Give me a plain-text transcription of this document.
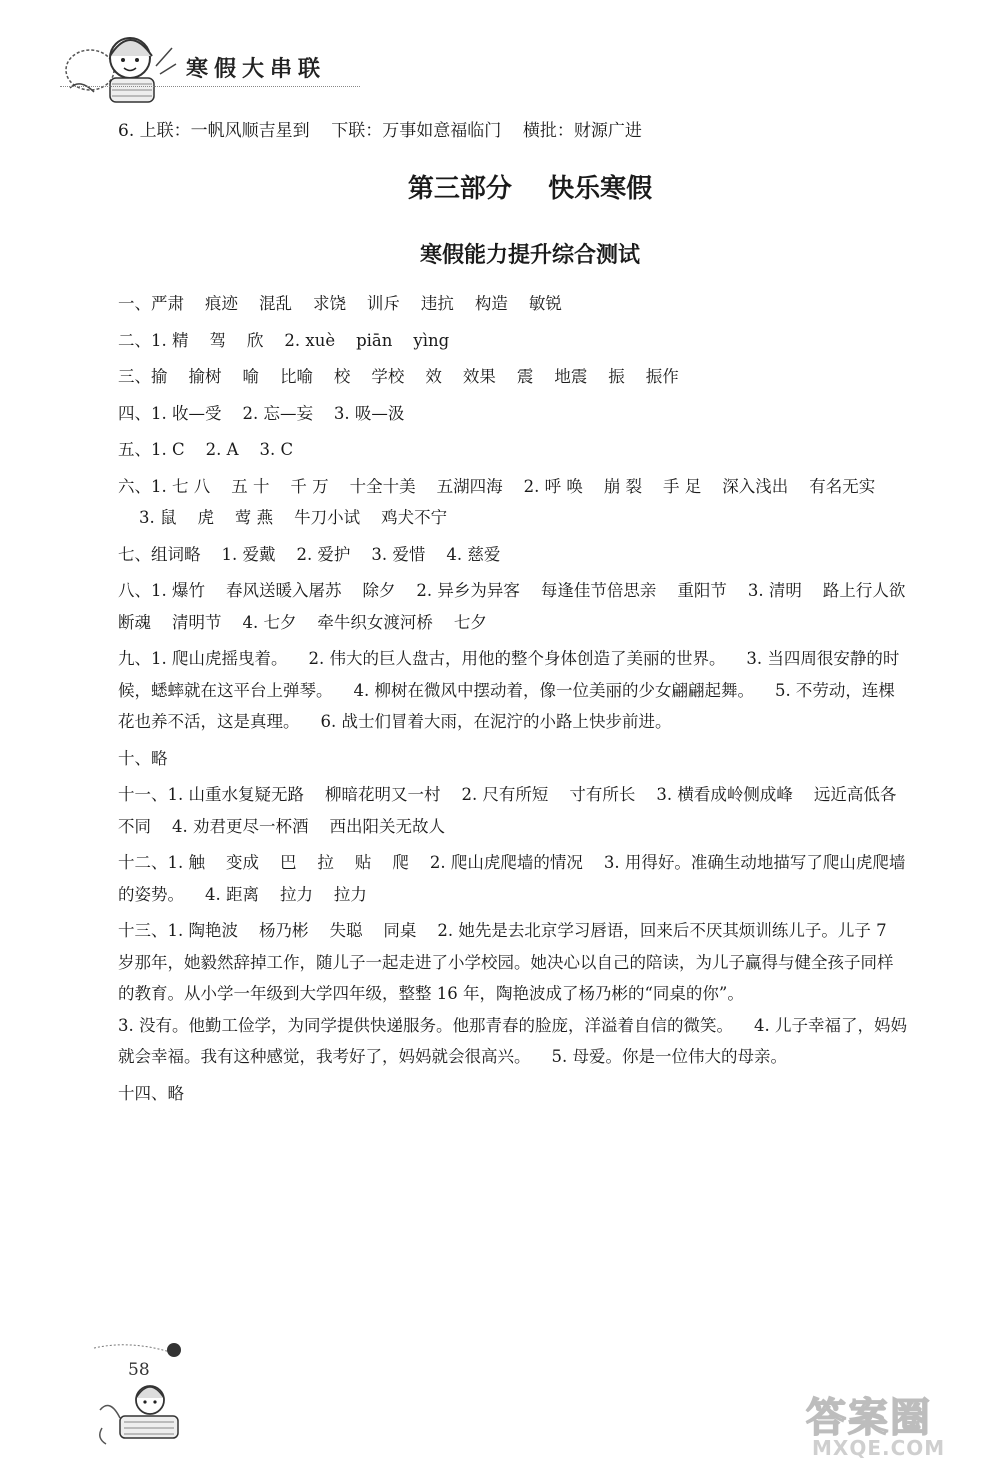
寒假大串联
6. 上联：一帆风顺吉星到    下联：万事如意福临门    横批：财源广进
第三部分    快乐寒假
寒假能力提升综合测试

一、严肃    痕迹    混乱    求饶    训斥    违抗    构造    敏锐

二、1. 精    驾    欣    2. xuè    piān    yìng

三、揄    揄树    喻    比喻    校    学校    效    效果    震    地震    振    振作

四、1. 收—受    2. 忘—妄    3. 吸—汲

五、1. C    2. A    3. C

六、1. 七 八    五 十    千 万    十全十美    五湖四海    2. 呼 唤    崩 裂    手 足    深入浅出    有名无实
3. 鼠    虎    莺 燕    牛刀小试    鸡犬不宁

七、组词略    1. 爱戴    2. 爱护    3. 爱惜    4. 慈爱

八、1. 爆竹    春风送暖入屠苏    除夕    2. 异乡为异客    每逢佳节倍思亲    重阳节    3. 清明    路上行人欲断魂    清明节    4. 七夕    牵牛织女渡河桥    七夕

九、1. 爬山虎摇曳着。    2. 伟大的巨人盘古，用他的整个身体创造了美丽的世界。    3. 当四周很安静的时候，蟋蟀就在这平台上弹琴。    4. 柳树在微风中摆动着，像一位美丽的少女翩翩起舞。    5. 不劳动，连棵花也养不活，这是真理。    6. 战士们冒着大雨，在泥泞的小路上快步前进。

十、略

十一、1. 山重水复疑无路    柳暗花明又一村    2. 尺有所短    寸有所长    3. 横看成岭侧成峰    远近高低各不同    4. 劝君更尽一杯酒    西出阳关无故人

十二、1. 触    变成    巴    拉    贴    爬    2. 爬山虎爬墙的情况    3. 用得好。准确生动地描写了爬山虎爬墙的姿势。    4. 距离    拉力    拉力

十三、1. 陶艳波    杨乃彬    失聪    同桌    2. 她先是去北京学习唇语，回来后不厌其烦训练儿子。儿子 7 岁那年，她毅然辞掉工作，随儿子一起走进了小学校园。她决心以自己的陪读，为儿子赢得与健全孩子同样的教育。从小学一年级到大学四年级，整整 16 年，陶艳波成了杨乃彬的“同桌的你”。
3. 没有。他勤工俭学，为同学提供快递服务。他那青春的脸庞，洋溢着自信的微笑。    4. 儿子幸福了，妈妈就会幸福。我有这种感觉，我考好了，妈妈就会很高兴。    5. 母爱。你是一位伟大的母亲。

十四、略

58
答案圈
MXQE.COM
